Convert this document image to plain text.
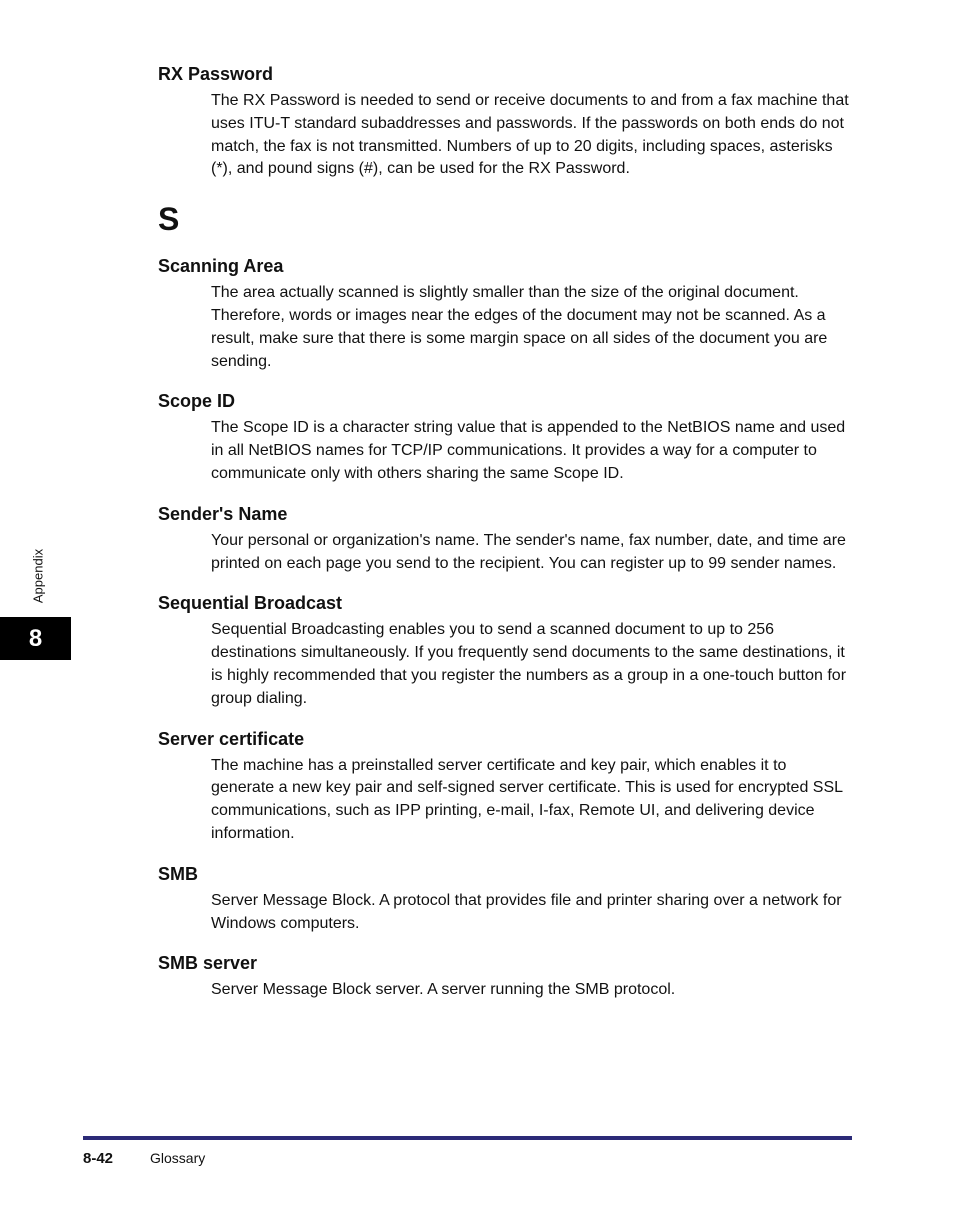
RX Password

The RX Password is needed to send or receive documents to and from a fax machine that uses ITU-T standard subaddresses and passwords. If the passwords on both ends do not match, the fax is not transmitted. Numbers of up to 20 digits, including spaces, asterisks (*), and pound signs (#), can be used for the RX Password.

S

Scanning Area

The area actually scanned is slightly smaller than the size of the original document. Therefore, words or images near the edges of the document may not be scanned. As a result, make sure that there is some margin space on all sides of the document you are sending.

Scope ID

The Scope ID is a character string value that is appended to the NetBIOS name and used in all NetBIOS names for TCP/IP communications. It provides a way for a computer to communicate only with others sharing the same Scope ID.

Sender's Name

Your personal or organization's name. The sender's name, fax number, date, and time are printed on each page you send to the recipient. You can register up to 99 sender names.

Sequential Broadcast

Sequential Broadcasting enables you to send a scanned document to up to 256 destinations simultaneously. If you frequently send documents to the same destinations, it is highly recommended that you register the numbers as a group in a one-touch button for group dialing.

Server certificate

The machine has a preinstalled server certificate and key pair, which enables it to generate a new key pair and self-signed server certificate. This is used for encrypted SSL communications, such as IPP printing, e-mail, I-fax, Remote UI, and delivering device information.

SMB

Server Message Block. A protocol that provides file and printer sharing over a network for Windows computers.

SMB server

Server Message Block server. A server running the SMB protocol.

Appendix
8
8-42	Glossary
